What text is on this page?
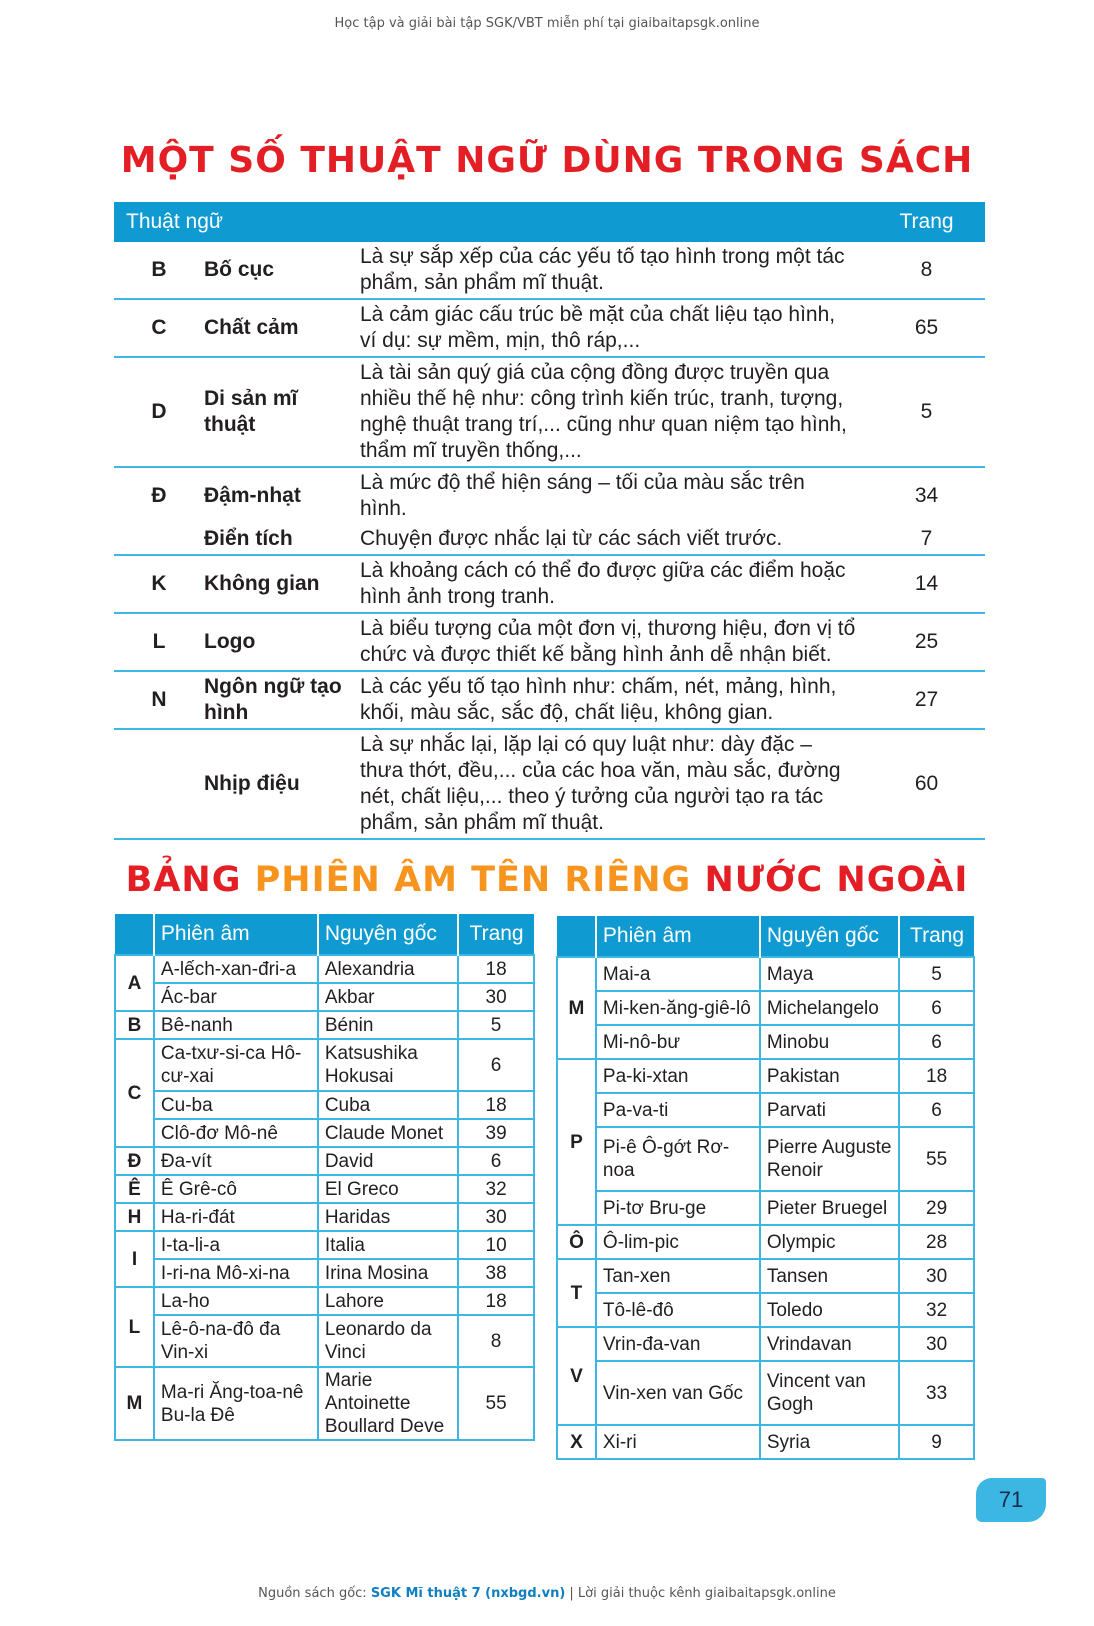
Học tập và giải bài tập SGK/VBT miễn phí tại giaibaitapsgk.online
MỘT SỐ THUẬT NGỮ DÙNG TRONG SÁCH
Thuật ngữ			Trang
B	Bố cục	Là sự sắp xếp của các yếu tố tạo hình trong một tác phẩm, sản phẩm mĩ thuật.	8
C	Chất cảm	Là cảm giác cấu trúc bề mặt của chất liệu tạo hình, ví dụ: sự mềm, mịn, thô ráp,...	65
D	Di sản mĩ thuật	Là tài sản quý giá của cộng đồng được truyền qua nhiều thế hệ như: công trình kiến trúc, tranh, tượng, nghệ thuật trang trí,... cũng như quan niệm tạo hình, thẩm mĩ truyền thống,...	5
Đ	Đậm-nhạt	Là mức độ thể hiện sáng – tối của màu sắc trên hình.	34
	Điển tích	Chuyện được nhắc lại từ các sách viết trước.	7
K	Không gian	Là khoảng cách có thể đo được giữa các điểm hoặc hình ảnh trong tranh.	14
L	Logo	Là biểu tượng của một đơn vị, thương hiệu, đơn vị tổ chức và được thiết kế bằng hình ảnh dễ nhận biết.	25
N	Ngôn ngữ tạo hình	Là các yếu tố tạo hình như: chấm, nét, mảng, hình, khối, màu sắc, sắc độ, chất liệu, không gian.	27
	Nhịp điệu	Là sự nhắc lại, lặp lại có quy luật như: dày đặc – thưa thớt, đều,... của các hoa văn, màu sắc, đường nét, chất liệu,... theo ý tưởng của người tạo ra tác phẩm, sản phẩm mĩ thuật.	60
BẢNG PHIÊN ÂM TÊN RIÊNG NƯỚC NGOÀI
	Phiên âm	Nguyên gốc	Trang
A	A-lếch-xan-đri-a	Alexandria	18
	Ác-bar	Akbar	30
B	Bê-nanh	Bénin	5
C	Ca-txư-si-ca Hô-cư-xai	Katsushika Hokusai	6
	Cu-ba	Cuba	18
	Clô-đơ Mô-nê	Claude Monet	39
Đ	Đa-vít	David	6
Ê	Ê Grê-cô	El Greco	32
H	Ha-ri-đát	Haridas	30
I	I-ta-li-a	Italia	10
	I-ri-na Mô-xi-na	Irina Mosina	38
L	La-ho	Lahore	18
	Lê-ô-na-đô đa Vin-xi	Leonardo da Vinci	8
M	Ma-ri Ăng-toa-nê Bu-la Đê	Marie Antoinette Boullard Deve	55
	Phiên âm	Nguyên gốc	Trang
M	Mai-a	Maya	5
	Mi-ken-ăng-giê-lô	Michelangelo	6
	Mi-nô-bư	Minobu	6
P	Pa-ki-xtan	Pakistan	18
	Pa-va-ti	Parvati	6
	Pi-ê Ô-gớt Rơ-noa	Pierre Auguste Renoir	55
	Pi-tơ Bru-ge	Pieter Bruegel	29
Ô	Ô-lim-pic	Olympic	28
T	Tan-xen	Tansen	30
	Tô-lê-đô	Toledo	32
V	Vrin-đa-van	Vrindavan	30
	Vin-xen van Gốc	Vincent van Gogh	33
X	Xi-ri	Syria	9
71
Nguồn sách gốc: SGK Mĩ thuật 7 (nxbgd.vn) | Lời giải thuộc kênh giaibaitapsgk.online
